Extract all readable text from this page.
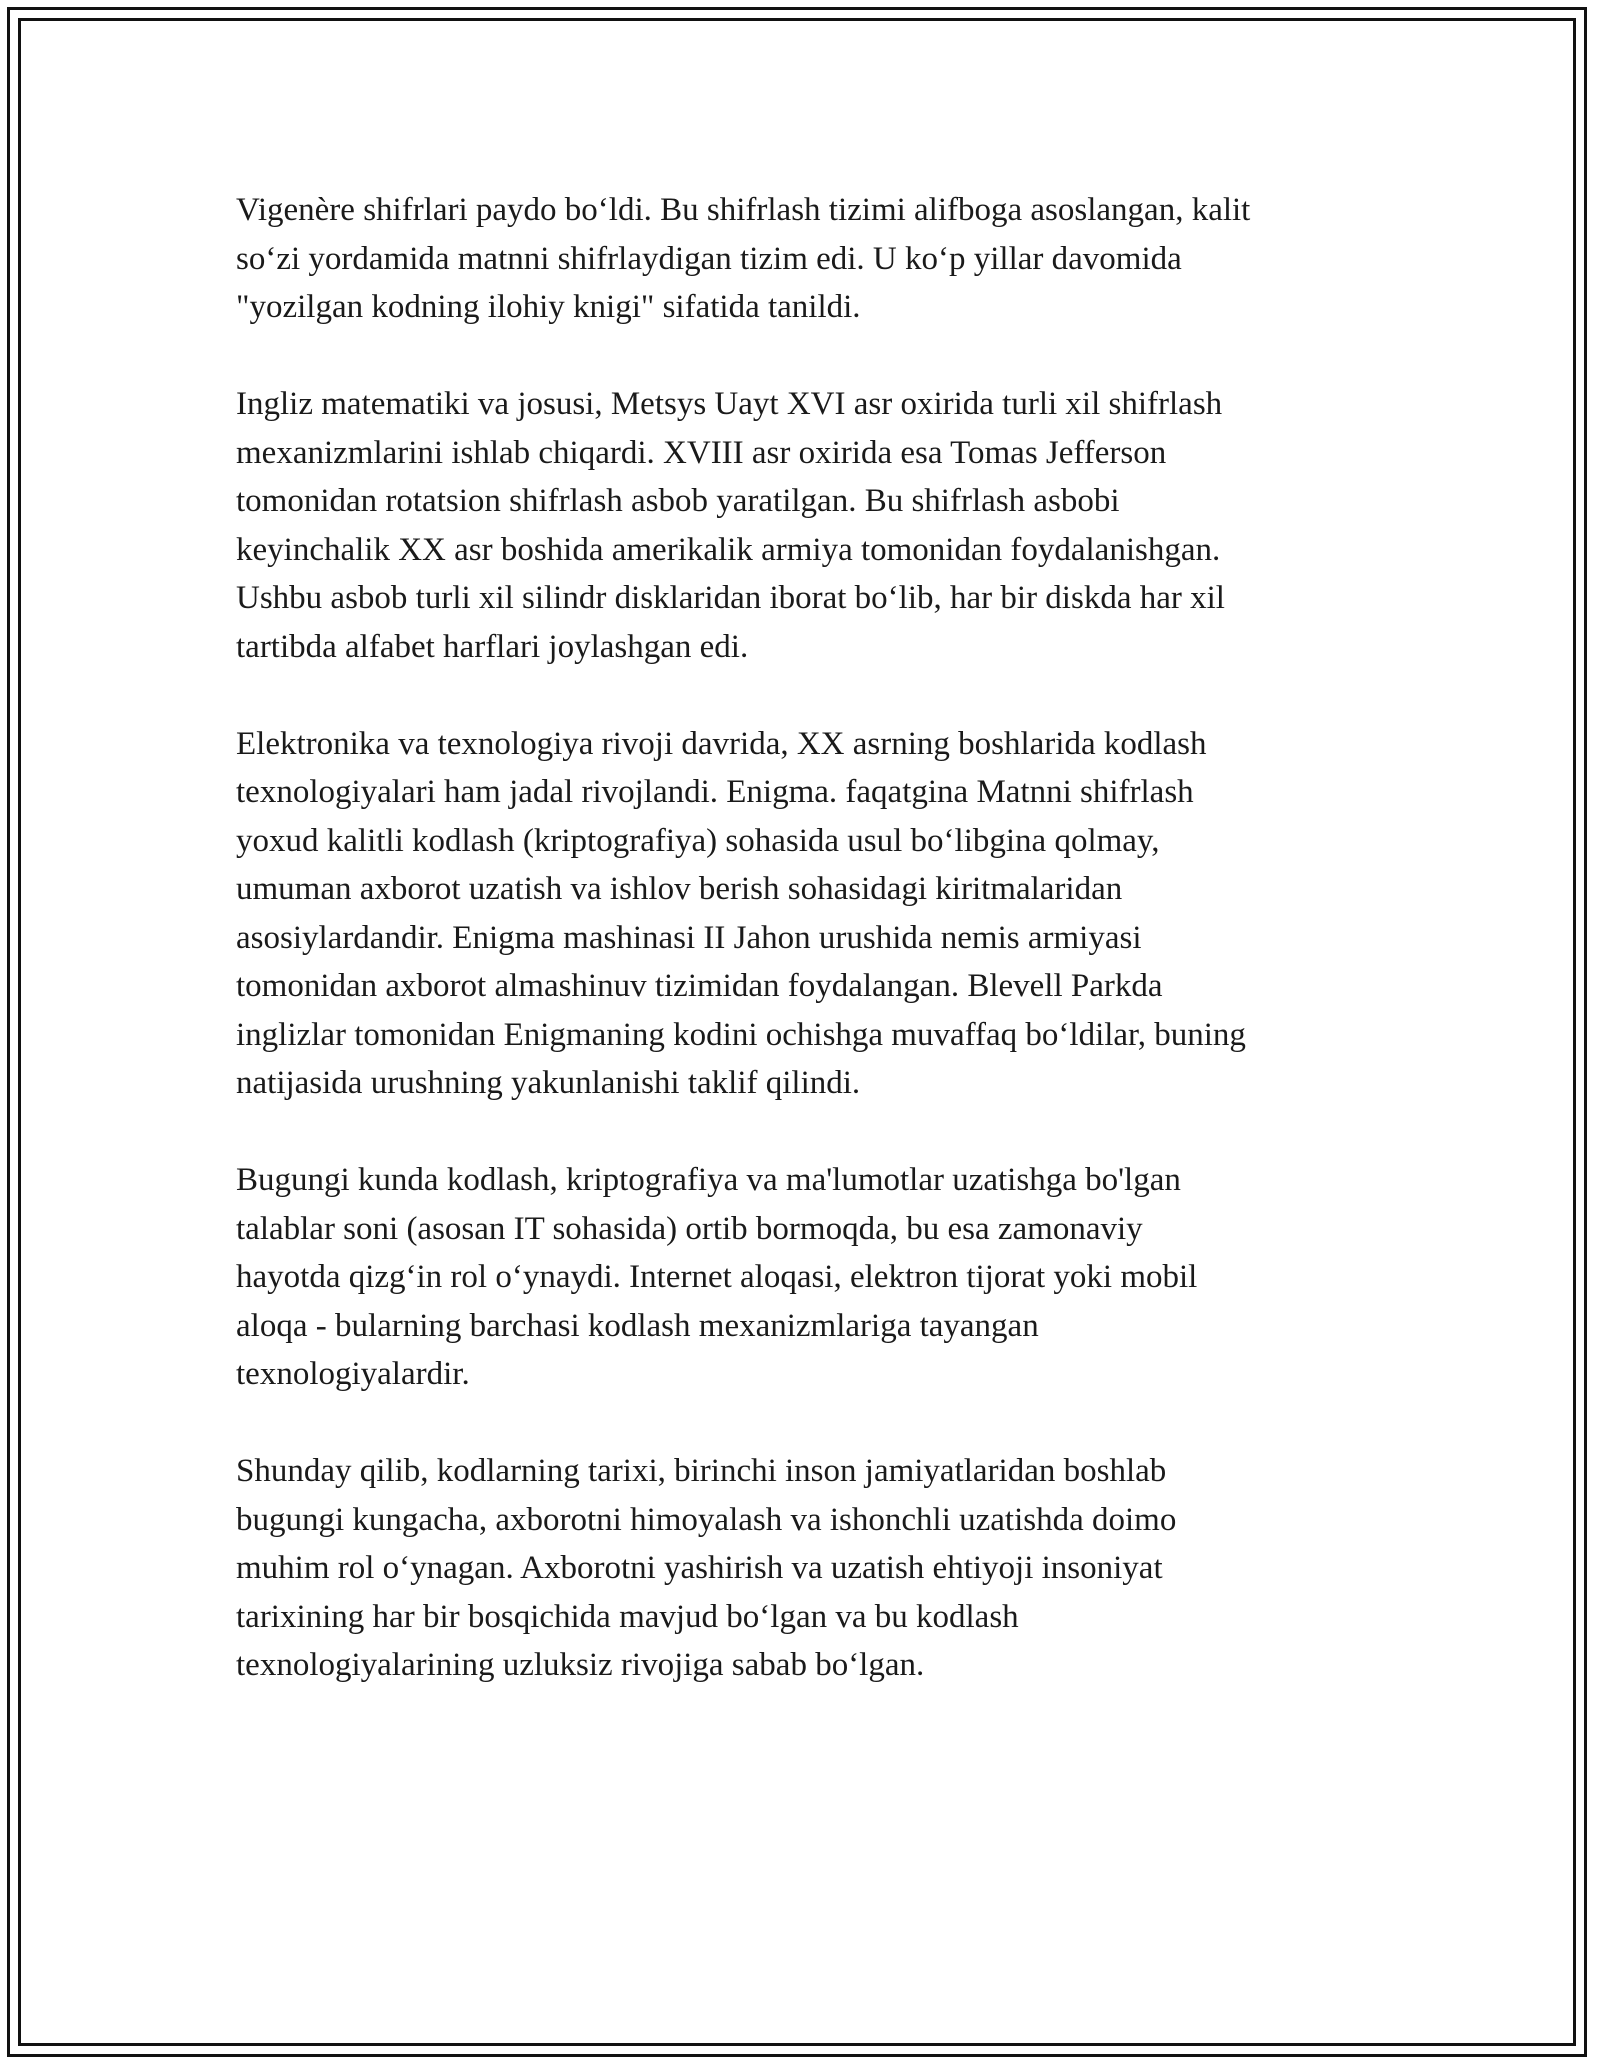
Vigenère shifrlari paydo bo‘ldi. Bu shifrlash tizimi alifboga asoslangan, kalit
so‘zi yordamida matnni shifrlaydigan tizim edi. U ko‘p yillar davomida
"yozilgan kodning ilohiy knigi" sifatida tanildi.

Ingliz matematiki va josusi, Metsys Uayt XVI asr oxirida turli xil shifrlash
mexanizmlarini ishlab chiqardi. XVIII asr oxirida esa Tomas Jefferson
tomonidan rotatsion shifrlash asbob yaratilgan. Bu shifrlash asbobi
keyinchalik XX asr boshida amerikalik armiya tomonidan foydalanishgan.
Ushbu asbob turli xil silindr disklaridan iborat bo‘lib, har bir diskda har xil
tartibda alfabet harflari joylashgan edi.

Elektronika va texnologiya rivoji davrida, XX asrning boshlarida kodlash
texnologiyalari ham jadal rivojlandi. Enigma. faqatgina Matnni shifrlash
yoxud kalitli kodlash (kriptografiya) sohasida usul bo‘libgina qolmay,
umuman axborot uzatish va ishlov berish sohasidagi kiritmalaridan
asosiylardandir. Enigma mashinasi II Jahon urushida nemis armiyasi
tomonidan axborot almashinuv tizimidan foydalangan. Blevell Parkda
inglizlar tomonidan Enigmaning kodini ochishga muvaffaq bo‘ldilar, buning
natijasida urushning yakunlanishi taklif qilindi.

Bugungi kunda kodlash, kriptografiya va ma'lumotlar uzatishga bo'lgan
talablar soni (asosan IT sohasida) ortib bormoqda, bu esa zamonaviy
hayotda qizg‘in rol o‘ynaydi. Internet aloqasi, elektron tijorat yoki mobil
aloqa - bularning barchasi kodlash mexanizmlariga tayangan
texnologiyalardir.

Shunday qilib, kodlarning tarixi, birinchi inson jamiyatlaridan boshlab
bugungi kungacha, axborotni himoyalash va ishonchli uzatishda doimo
muhim rol o‘ynagan. Axborotni yashirish va uzatish ehtiyoji insoniyat
tarixining har bir bosqichida mavjud bo‘lgan va bu kodlash
texnologiyalarining uzluksiz rivojiga sabab bo‘lgan.
